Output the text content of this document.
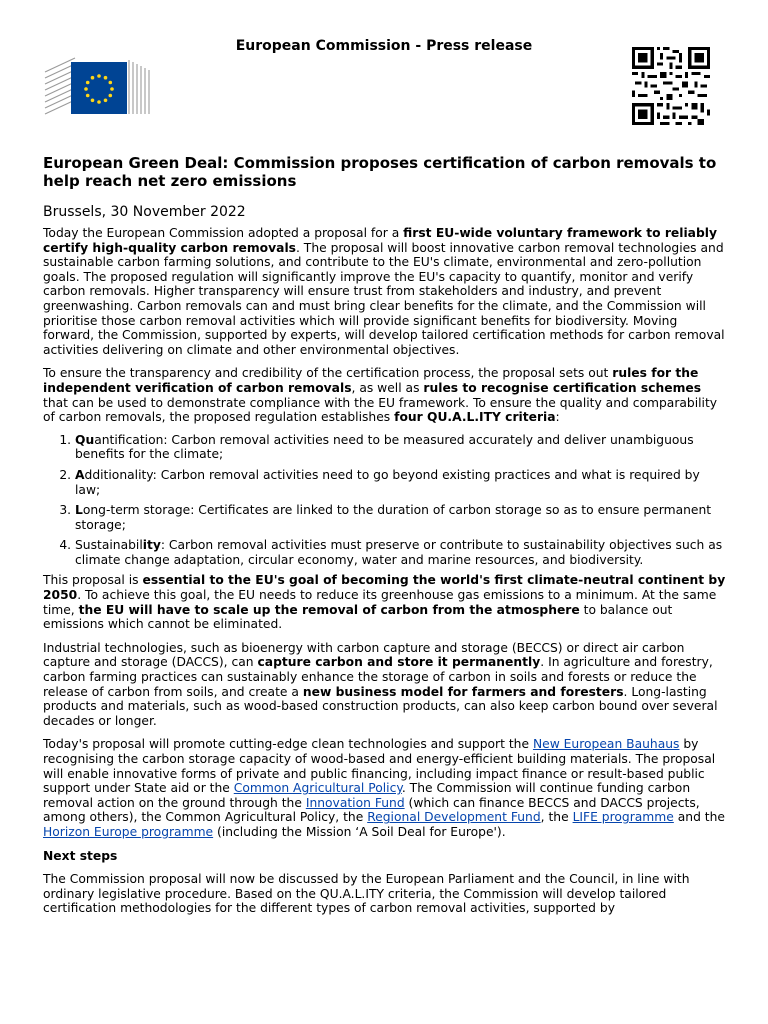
European Commission - Press release
European Green Deal: Commission proposes certification of carbon removals to help reach net zero emissions
Brussels, 30 November 2022

Today the European Commission adopted a proposal for a first EU-wide voluntary framework to reliably certify high-quality carbon removals. The proposal will boost innovative carbon removal technologies and sustainable carbon farming solutions, and contribute to the EU's climate, environmental and zero-pollution goals. The proposed regulation will significantly improve the EU's capacity to quantify, monitor and verify carbon removals. Higher transparency will ensure trust from stakeholders and industry, and prevent greenwashing. Carbon removals can and must bring clear benefits for the climate, and the Commission will prioritise those carbon removal activities which will provide significant benefits for biodiversity. Moving forward, the Commission, supported by experts, will develop tailored certification methods for carbon removal activities delivering on climate and other environmental objectives.

To ensure the transparency and credibility of the certification process, the proposal sets out rules for the independent verification of carbon removals, as well as rules to recognise certification schemes that can be used to demonstrate compliance with the EU framework. To ensure the quality and comparability of carbon removals, the proposed regulation establishes four QU.A.L.ITY criteria:

1. Quantification: Carbon removal activities need to be measured accurately and deliver unambiguous benefits for the climate;
2. Additionality: Carbon removal activities need to go beyond existing practices and what is required by law;
3. Long-term storage: Certificates are linked to the duration of carbon storage so as to ensure permanent storage;
4. Sustainability: Carbon removal activities must preserve or contribute to sustainability objectives such as climate change adaptation, circular economy, water and marine resources, and biodiversity.

This proposal is essential to the EU's goal of becoming the world's first climate-neutral continent by 2050. To achieve this goal, the EU needs to reduce its greenhouse gas emissions to a minimum. At the same time, the EU will have to scale up the removal of carbon from the atmosphere to balance out emissions which cannot be eliminated.

Industrial technologies, such as bioenergy with carbon capture and storage (BECCS) or direct air carbon capture and storage (DACCS), can capture carbon and store it permanently. In agriculture and forestry, carbon farming practices can sustainably enhance the storage of carbon in soils and forests or reduce the release of carbon from soils, and create a new business model for farmers and foresters. Long-lasting products and materials, such as wood-based construction products, can also keep carbon bound over several decades or longer.

Today's proposal will promote cutting-edge clean technologies and support the New European Bauhaus by recognising the carbon storage capacity of wood-based and energy-efficient building materials. The proposal will enable innovative forms of private and public financing, including impact finance or result-based public support under State aid or the Common Agricultural Policy. The Commission will continue funding carbon removal action on the ground through the Innovation Fund (which can finance BECCS and DACCS projects, among others), the Common Agricultural Policy, the Regional Development Fund, the LIFE programme and the Horizon Europe programme (including the Mission ‘A Soil Deal for Europe').

Next steps

The Commission proposal will now be discussed by the European Parliament and the Council, in line with ordinary legislative procedure. Based on the QU.A.L.ITY criteria, the Commission will develop tailored certification methodologies for the different types of carbon removal activities, supported by
